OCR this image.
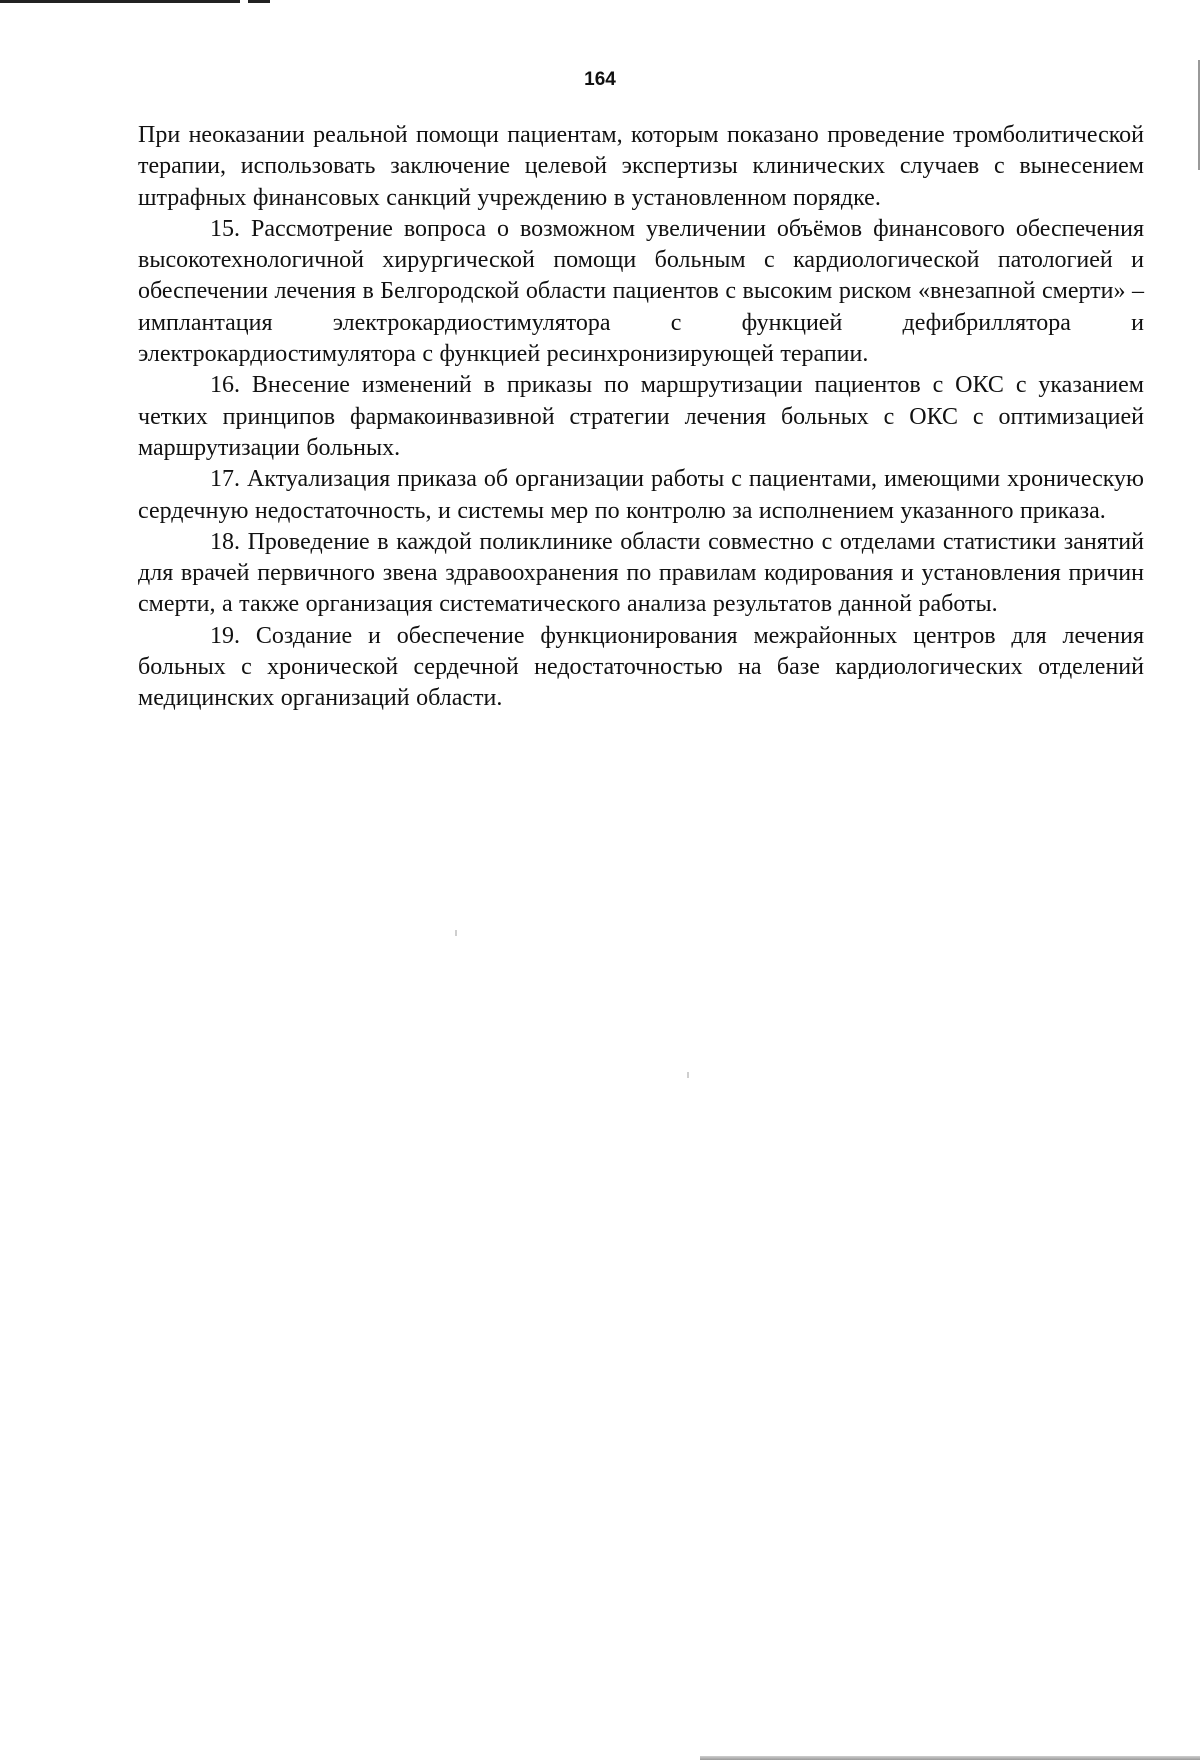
164

При неоказании реальной помощи пациентам, которым показано проведение тромболитической терапии, использовать заключение целевой экспертизы клинических случаев с вынесением штрафных финансовых санкций учреждению в установленном порядке.

15. Рассмотрение вопроса о возможном увеличении объёмов финансового обеспечения высокотехнологичной хирургической помощи больным с кардиологической патологией и обеспечении лечения в Белгородской области пациентов с высоким риском «внезапной смерти» – имплантация электрокардиостимулятора с функцией дефибриллятора и электрокардиостимулятора с функцией ресинхронизирующей терапии.

16. Внесение изменений в приказы по маршрутизации пациентов с ОКС с указанием четких принципов фармакоинвазивной стратегии лечения больных с ОКС с оптимизацией маршрутизации больных.

17. Актуализация приказа об организации работы с пациентами, имеющими хроническую сердечную недостаточность, и системы мер по контролю за исполнением указанного приказа.

18. Проведение в каждой поликлинике области совместно с отделами статистики занятий для врачей первичного звена здравоохранения по правилам кодирования и установления причин смерти, а также организация систематического анализа результатов данной работы.

19. Создание и обеспечение функционирования межрайонных центров для лечения больных с хронической сердечной недостаточностью на базе кардиологических отделений медицинских организаций области.
